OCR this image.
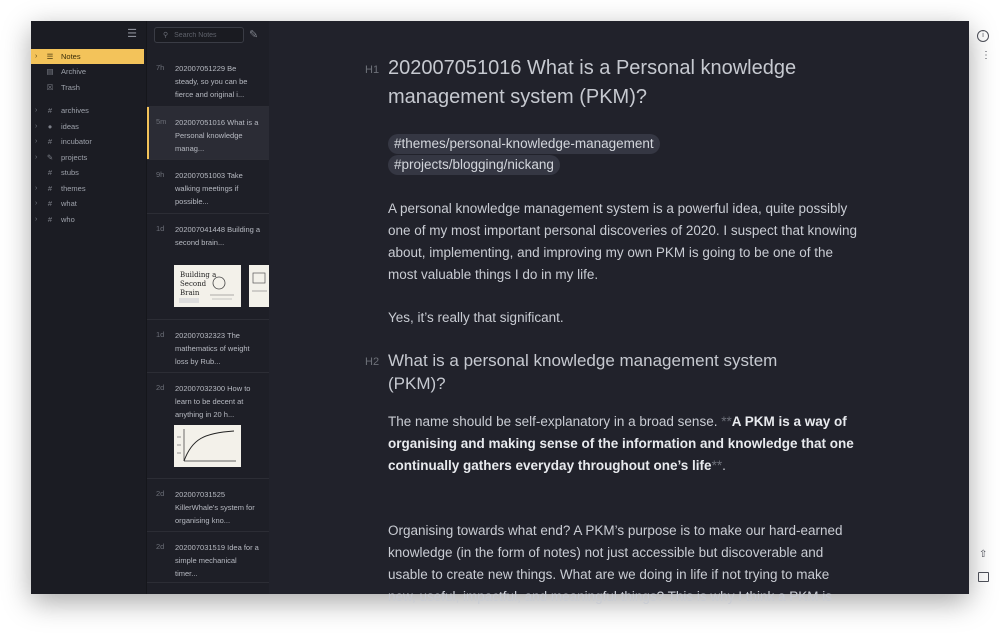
☰
›	☰	Notes
▤ Archive
☒	Trash
›	#	archives
›	●	ideas
›	#	incubator
›	✎	projects
#	stubs
›	#	themes
›	#	what
›	#	who
⚲
Search Notes	✎
7h 202007051229 Be steady, so you can be fierce and original i...
5m 202007051016 What is a Personal knowledge manag...
9h 202007051003 Take walking meetings if possible...
1d 202007041448 Building a second brain...
1d 202007032323 The mathematics of weight loss by Rub...
2d 202007032300 How to learn to be decent at anything in 20 h...
2d 202007031525 KillerWhale's system for organising kno...
2d 202007031519 Idea for a simple mechanical timer...
Building a
Second
Brain
i
⋮
H1 202007051016 What is a Personal knowledge management system (PKM)?
#themes/personal-knowledge-management
#projects/blogging/nickang
A personal knowledge management system is a powerful idea, quite possibly one of my most important personal discoveries of 2020. I suspect that knowing about, implementing, and improving my own PKM is going to be one of the most valuable things I do in my life.
Yes, it’s really that significant.
H2 What is a personal knowledge management system (PKM)?
The name should be self-explanatory in a broad sense. **A PKM is a way of organising and making sense of the information and knowledge that one continually gathers everyday throughout one’s life**.
Organising towards what end? A PKM’s purpose is to make our hard-earned knowledge (in the form of notes) not just accessible but discoverable and usable to create new things. What are we doing in life if not trying to make new, useful, impactful, and meaningful things? This is why I think a PKM is
⇧
